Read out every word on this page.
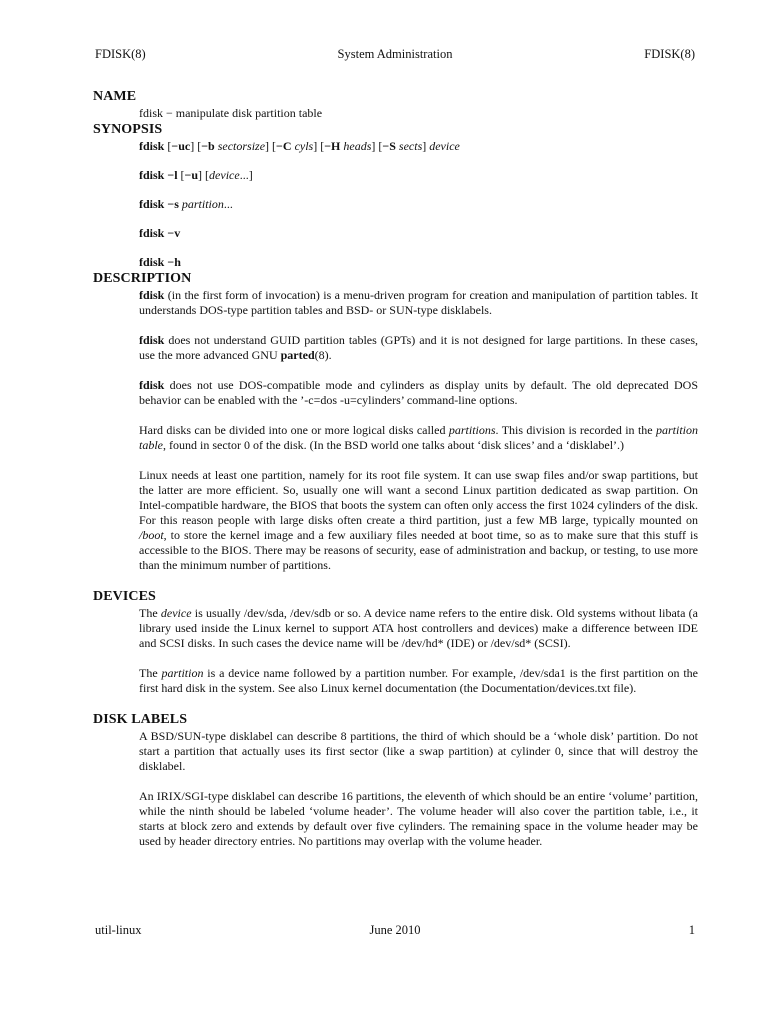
FDISK(8)	System Administration	FDISK(8)
NAME

fdisk − manipulate disk partition table

SYNOPSIS
fdisk [−uc] [−b sectorsize] [−C cyls] [−H heads] [−S sects] device
fdisk −l [−u] [device...]
fdisk −s partition...
fdisk −v
fdisk −h
DESCRIPTION

fdisk (in the first form of invocation) is a menu-driven program for creation and manipulation of partition tables. It understands DOS-type partition tables and BSD- or SUN-type disklabels.

fdisk does not understand GUID partition tables (GPTs) and it is not designed for large partitions. In these cases, use the more advanced GNU parted(8).

fdisk does not use DOS-compatible mode and cylinders as display units by default. The old deprecated DOS behavior can be enabled with the ’-c=dos -u=cylinders’ command-line options.

Hard disks can be divided into one or more logical disks called partitions. This division is recorded in the partition table, found in sector 0 of the disk. (In the BSD world one talks about ‘disk slices’ and a ‘disklabel’.)

Linux needs at least one partition, namely for its root file system. It can use swap files and/or swap partitions, but the latter are more efficient. So, usually one will want a second Linux partition dedicated as swap partition. On Intel-compatible hardware, the BIOS that boots the system can often only access the first 1024 cylinders of the disk. For this reason people with large disks often create a third partition, just a few MB large, typically mounted on /boot, to store the kernel image and a few auxiliary files needed at boot time, so as to make sure that this stuff is accessible to the BIOS. There may be reasons of security, ease of administration and backup, or testing, to use more than the minimum number of partitions.

DEVICES

The device is usually /dev/sda, /dev/sdb or so. A device name refers to the entire disk. Old systems without libata (a library used inside the Linux kernel to support ATA host controllers and devices) make a difference between IDE and SCSI disks. In such cases the device name will be /dev/hd* (IDE) or /dev/sd* (SCSI).

The partition is a device name followed by a partition number. For example, /dev/sda1 is the first partition on the first hard disk in the system. See also Linux kernel documentation (the Documentation/devices.txt file).

DISK LABELS

A BSD/SUN-type disklabel can describe 8 partitions, the third of which should be a ‘whole disk’ partition. Do not start a partition that actually uses its first sector (like a swap partition) at cylinder 0, since that will destroy the disklabel.

An IRIX/SGI-type disklabel can describe 16 partitions, the eleventh of which should be an entire ‘volume’ partition, while the ninth should be labeled ‘volume header’. The volume header will also cover the partition table, i.e., it starts at block zero and extends by default over five cylinders. The remaining space in the volume header may be used by header directory entries. No partitions may overlap with the volume header.

util-linux	June 2010	1
